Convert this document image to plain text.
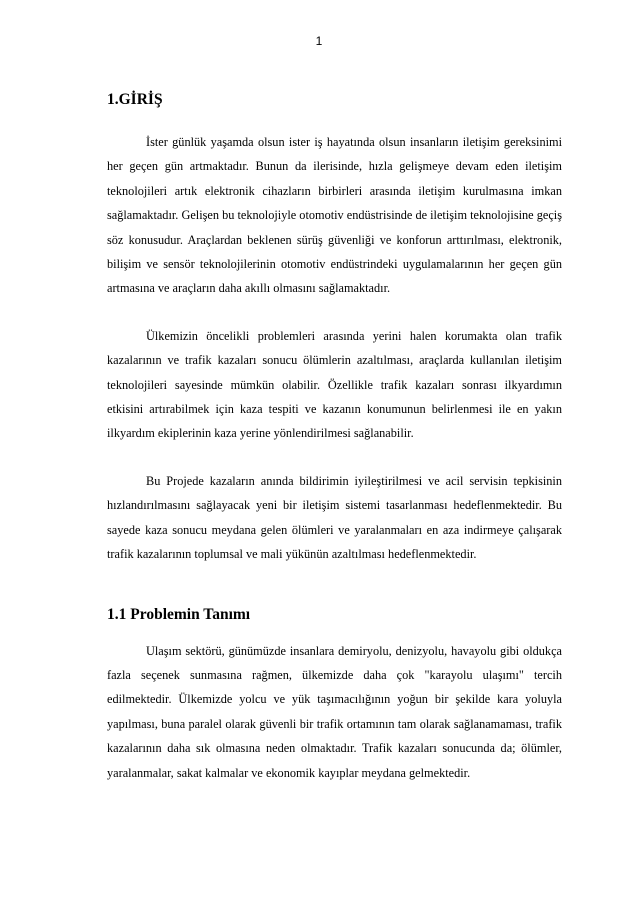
1
1.GİRİŞ

İster günlük yaşamda olsun ister iş hayatında olsun insanların iletişim gereksinimi her geçen gün artmaktadır. Bunun da ilerisinde, hızla gelişmeye devam eden iletişim teknolojileri artık elektronik cihazların birbirleri arasında iletişim kurulmasına imkan sağlamaktadır. Gelişen bu teknolojiyle otomotiv endüstrisinde de iletişim teknolojisine geçiş söz konusudur. Araçlardan beklenen sürüş güvenliği ve konforun arttırılması, elektronik, bilişim ve sensör teknolojilerinin otomotiv endüstrindeki uygulamalarının her geçen gün artmasına ve araçların daha akıllı olmasını sağlamaktadır.

Ülkemizin öncelikli problemleri arasında yerini halen korumakta olan trafik kazalarının ve trafik kazaları sonucu ölümlerin azaltılması, araçlarda kullanılan iletişim teknolojileri sayesinde mümkün olabilir. Özellikle trafik kazaları sonrası ilkyardımın etkisini artırabilmek için kaza tespiti ve kazanın konumunun belirlenmesi ile en yakın ilkyardım ekiplerinin kaza yerine yönlendirilmesi sağlanabilir.

Bu Projede kazaların anında bildirimin iyileştirilmesi ve acil servisin tepkisinin hızlandırılmasını sağlayacak yeni bir iletişim sistemi tasarlanması hedeflenmektedir. Bu sayede kaza sonucu meydana gelen ölümleri ve yaralanmaları en aza indirmeye çalışarak trafik kazalarının toplumsal ve mali yükünün azaltılması hedeflenmektedir.

1.1 Problemin Tanımı

Ulaşım sektörü, günümüzde insanlara demiryolu, denizyolu, havayolu gibi oldukça fazla seçenek sunmasına rağmen, ülkemizde daha çok "karayolu ulaşımı" tercih edilmektedir. Ülkemizde yolcu ve yük taşımacılığının yoğun bir şekilde kara yoluyla yapılması, buna paralel olarak güvenli bir trafik ortamının tam olarak sağlanamaması, trafik kazalarının daha sık olmasına neden olmaktadır. Trafik kazaları sonucunda da; ölümler, yaralanmalar, sakat kalmalar ve ekonomik kayıplar meydana gelmektedir.
